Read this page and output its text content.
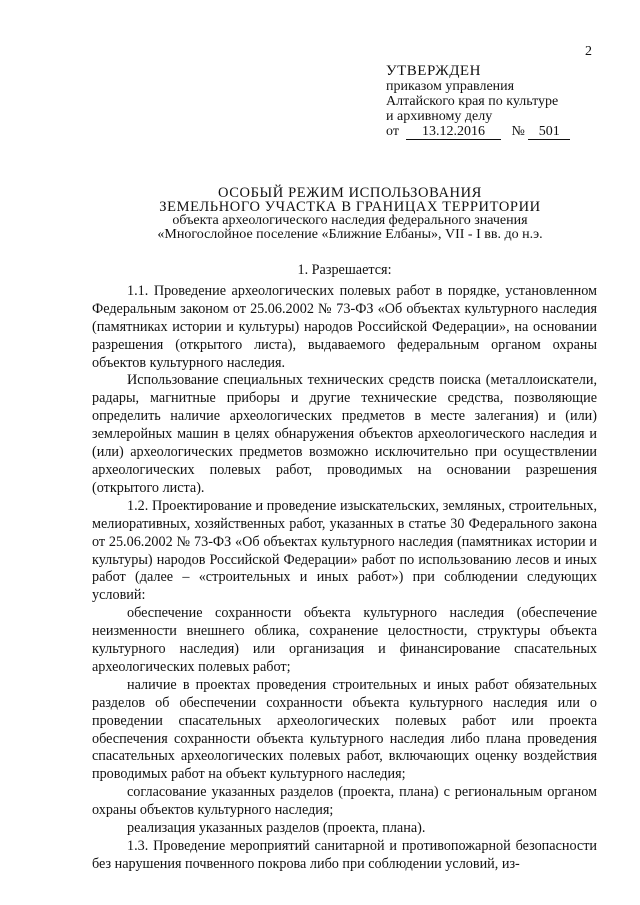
2
УТВЕРЖДЕН
приказом управления
Алтайского края по культуре
и архивному делу
от 13.12.2016 № 501
ОСОБЫЙ РЕЖИМ ИСПОЛЬЗОВАНИЯ
ЗЕМЕЛЬНОГО УЧАСТКА В ГРАНИЦАХ ТЕРРИТОРИИ
объекта археологического наследия федерального значения
«Многослойное поселение «Ближние Елбаны», VII - I вв. до н.э.

1. Разрешается:

1.1. Проведение археологических полевых работ в порядке, установленном Федеральным законом от 25.06.2002 № 73-ФЗ «Об объектах культурного наследия (памятниках истории и культуры) народов Российской Федерации», на основании разрешения (открытого листа), выдаваемого федеральным органом охраны объектов культурного наследия.

Использование специальных технических средств поиска (металлоискатели, радары, магнитные приборы и другие технические средства, позволяющие определить наличие археологических предметов в месте залегания) и (или) землеройных машин в целях обнаружения объектов археологического наследия и (или) археологических предметов возможно исключительно при осуществлении археологических полевых работ, проводимых на основании разрешения (открытого листа).

1.2. Проектирование и проведение изыскательских, земляных, строительных, мелиоративных, хозяйственных работ, указанных в статье 30 Федерального закона от 25.06.2002 № 73-ФЗ «Об объектах культурного наследия (памятниках истории и культуры) народов Российской Федерации» работ по использованию лесов и иных работ (далее – «строительных и иных работ») при соблюдении следующих условий:

обеспечение сохранности объекта культурного наследия (обеспечение неизменности внешнего облика, сохранение целостности, структуры объекта культурного наследия) или организация и финансирование спасательных археологических полевых работ;

наличие в проектах проведения строительных и иных работ обязательных разделов об обеспечении сохранности объекта культурного наследия или о проведении спасательных археологических полевых работ или проекта обеспечения сохранности объекта культурного наследия либо плана проведения спасательных археологических полевых работ, включающих оценку воздействия проводимых работ на объект культурного наследия;

согласование указанных разделов (проекта, плана) с региональным органом охраны объектов культурного наследия;

реализация указанных разделов (проекта, плана).

1.3. Проведение мероприятий санитарной и противопожарной безопасности без нарушения почвенного покрова либо при соблюдении условий, из-
